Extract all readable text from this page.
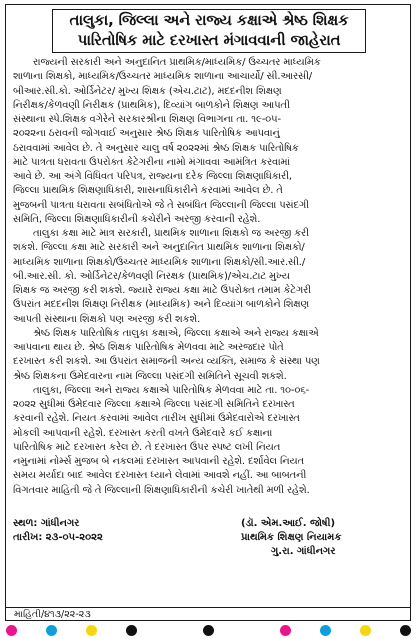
તાલુકા, જિલ્લા અને રાજ્ય કક્ષાએ શ્રેષ્ઠ શિક્ષક
પારિતોષિક માટે દરખાસ્ત મંગાવવાની જાહેરાત
રાજ્યની સરકારી અને અનુદાનિત પ્રાથમિક/માધ્યમિક/ ઉચ્ચતર માધ્યમિક
શાળાના શિક્ષકો, માધ્યમિક/ઉચ્ચતર માધ્યમિક શાળાના આચાર્યો/ સી.આરસી/
બીઆર.સી.કો. ઓર્ડિનેટર/ મુખ્ય શિક્ષક (એચ.ટાટ), મદદનીશ શિક્ષણ
નિરીક્ષક/કેળવણી નિરીક્ષક (પ્રાથમિક), દિવ્યાંગ બાળકોને શિક્ષણ આપતી
સંસ્થાના સ્પે.શિક્ષક વગેરેને સરકારશ્રીના શિક્ષણ વિભાગના તા. ૧૯-૦૫-
૨૦૨૨ના ઠરાવની જોગવાઈ અનુસાર શ્રેષ્ઠ શિક્ષક પારિતોષિક આપવાનું
ઠરાવવામાં આવેલ છે. તે અનુસાર ચાલુ વર્ષ ૨૦૨૨માં શ્રેષ્ઠ શિક્ષક પારિતોષિક
માટે પાત્રતા ધરાવતા ઉપરોક્ત કેટેગરીના નામો મંગાવવા આમંત્રિત કરવામાં
આવે છે. આ અંગે વિધિવત પરિપત્ર, રાજ્યના દરેક જિલ્લા શિક્ષણાધિકારી,
જિલ્લા પ્રાથમિક શિક્ષણાધિકારી, શાસનાધિકારીને કરવામાં આવેલ છે. તે
મુજબની પાત્રતા ધરાવતા સબંધિતોએ જે તે સબંધિત જિલ્લાની જિલ્લા પસંદગી
સમિતિ, જિલ્લા શિક્ષણાધિકારીની કચેરીને અરજી કરવાની રહેશે.
તાલુકા કક્ષા માટે માત્ર સરકારી, પ્રાથમિક શાળાના શિક્ષકો જ અરજી કરી
શકશે. જિલ્લા કક્ષા માટે સરકારી અને અનુદાનિત પ્રાથમિક શાળાના શિક્ષકો/
માધ્યમિક શાળાના શિક્ષકો/ઉચ્ચતર માધ્યમિક શાળાના શિક્ષકો/સી.આર.સી./
બી.આર.સી. કો. ઓર્ડિનેટર/કેળવણી નિરક્ષક (પ્રાથમિક)/એચ.ટાટ મુખ્ય
શિક્ષક જ અરજી કરી શકશે. જ્યારે રાજ્ય કક્ષા માટે ઉપરોક્ત તમામ કેટેગરી
ઉપરાંત મદદનીશ શિક્ષણ નિરીક્ષક (માધ્યમિક) અને દિવ્યાંગ બાળકોને શિક્ષણ
આપતી સંસ્થાના શિક્ષકો પણ અરજી કરી શકશે.
શ્રેષ્ઠ શિક્ષક પારિતોષિક તાલુકા કક્ષાએ, જિલ્લા કક્ષાએ અને રાજ્ય કક્ષાએ
આપવાના થાય છે. શ્રેષ્ઠ શિક્ષક પારિતોષિક મેળવવા માટે અરજદાર પોતે
દરખાસ્ત કરી શકશે. આ ઉપરાંત સમાજની અન્ય વ્યક્તિ, સમાજ કે સંસ્થા પણ
શ્રેષ્ઠ શિક્ષકના ઉમેદવારના નામ જિલ્લા પસંદગી સમિતિને સૂચવી શકશે.
તાલુકા, જિલ્લા અને રાજ્ય કક્ષાએ પારિતોષિક મેળવવા માટે તા. ૧૦-૦૬-
૨૦૨૨ સુધીમાં ઉમેદવાર જિલ્લા કક્ષાએ જિલ્લા પસંદગી સમિતિને દરખાસ્ત
કરવાની રહેશે. નિયત કરવામાં આવેલ તારીખ સુધીમાં ઉમેદવારોએ દરખાસ્ત
મોકલી આપવાની રહેશે. દરખાસ્ત કરતી વખતે ઉમેદવારે કઈ કક્ષાના
પારિતોષિક માટે દરખાસ્ત કરેલ છે. તે દરખાસ્ત ઉપર સ્પષ્ટ લખી નિયત
નમુનામાં નોર્મ્સ મુજબ બે નકલમાં દરખાસ્ત આપવાની રહેશે. દર્શાવેલ નિયત
સમય મર્યાદા બાદ આવેલ દરખાસ્ત ધ્યાને લેવામાં આવશે નહીં. આ બાબતની
વિગતવાર માહિતી જે તે જિલ્લાની શિક્ષણાધિકારીની કચેરી ખાતેથી મળી રહેશે.
સ્થળ: ગાંધીનગર	(ડૉ. એમ.આઈ. જોષી)
તારીખ: ૨૩-૦૫-૨૦૨૨	પ્રાથમિક શિક્ષણ નિયામક
ગુ.રા. ગાંધીનગર
માહિતી/૪૧૩/૨૨-૨૩
